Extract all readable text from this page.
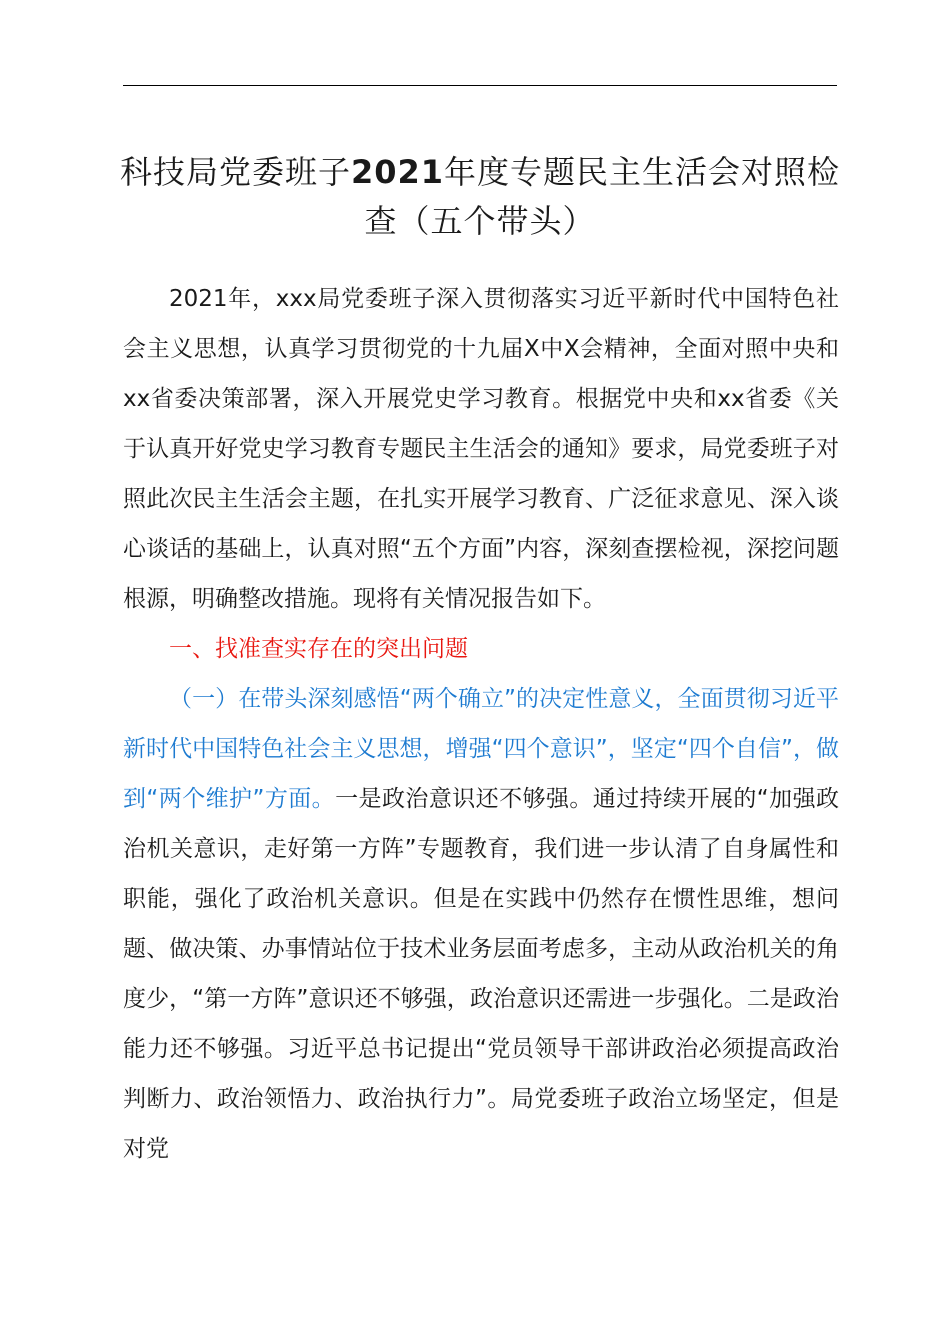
科技局党委班子2021年度专题民主生活会对照检查（五个带头）

2021年，xxx局党委班子深入贯彻落实习近平新时代中国特色社会主义思想，认真学习贯彻党的十九届X中X会精神，全面对照中央和xx省委决策部署，深入开展党史学习教育。根据党中央和xx省委《关于认真开好党史学习教育专题民主生活会的通知》要求，局党委班子对照此次民主生活会主题，在扎实开展学习教育、广泛征求意见、深入谈心谈话的基础上，认真对照“五个方面”内容，深刻查摆检视，深挖问题根源，明确整改措施。现将有关情况报告如下。

一、找准查实存在的突出问题

（一）在带头深刻感悟“两个确立”的决定性意义，全面贯彻习近平新时代中国特色社会主义思想，增强“四个意识”，坚定“四个自信”，做到“两个维护”方面。一是政治意识还不够强。通过持续开展的“加强政治机关意识，走好第一方阵”专题教育，我们进一步认清了自身属性和职能，强化了政治机关意识。但是在实践中仍然存在惯性思维，想问题、做决策、办事情站位于技术业务层面考虑多，主动从政治机关的角度少，“第一方阵”意识还不够强，政治意识还需进一步强化。二是政治能力还不够强。习近平总书记提出“党员领导干部讲政治必须提高政治判断力、政治领悟力、政治执行力”。局党委班子政治立场坚定，但是对党
